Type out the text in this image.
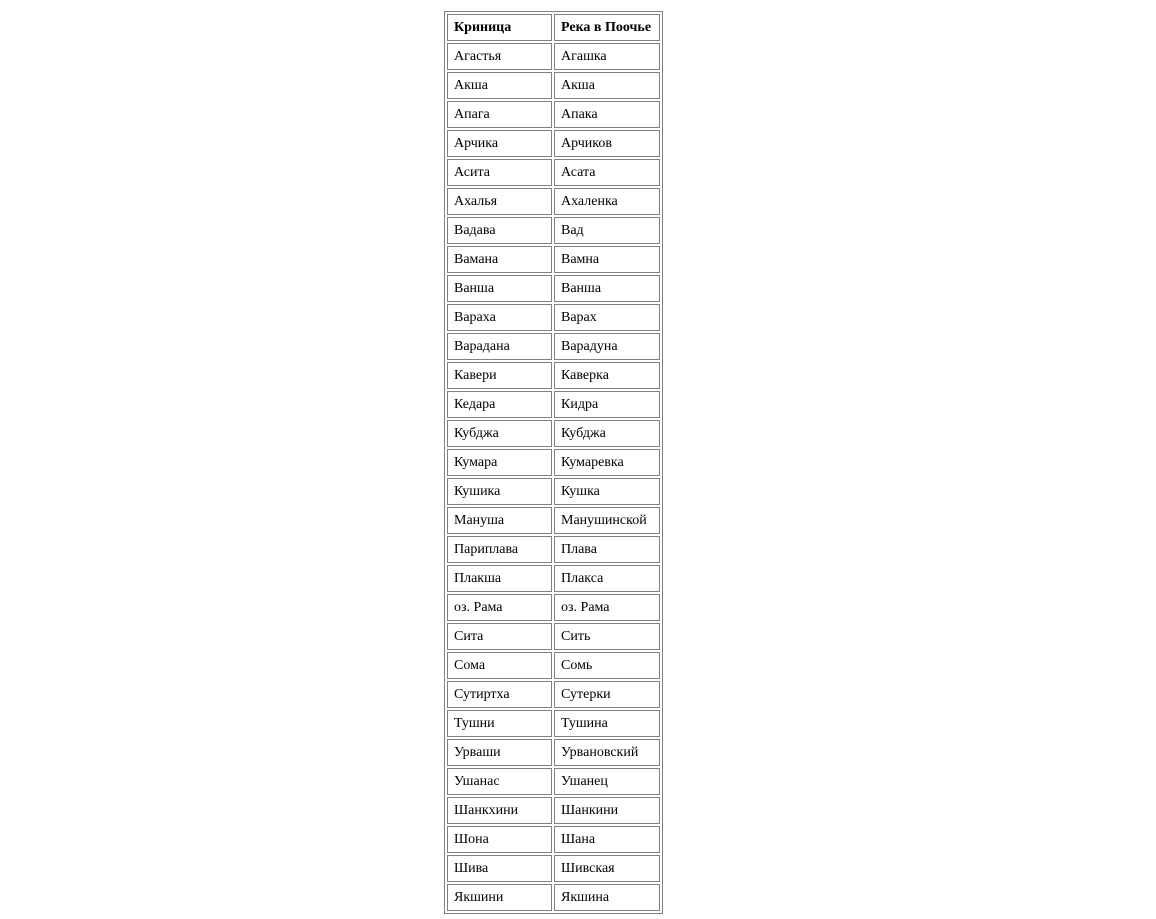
Криница	Река в Поочье
Агастья	Агашка
Акша	Акша
Апага	Апака
Арчика	Арчиков
Асита	Асата
Ахалья	Ахаленка
Вадава	Вад
Вамана	Вамна
Ванша	Ванша
Вараха	Варах
Варадана	Варадуна
Кавери	Каверка
Кедара	Кидра
Кубджа	Кубджа
Кумара	Кумаревка
Кушика	Кушка
Мануша	Манушинской
Париплава	Плава
Плакша	Плакса
оз. Рама	оз. Рама
Сита	Сить
Сома	Сомь
Сутиртха	Сутерки
Тушни	Тушина
Урваши	Урвановский
Ушанас	Ушанец
Шанкхини	Шанкини
Шона	Шана
Шива	Шивская
Якшини	Якшина
